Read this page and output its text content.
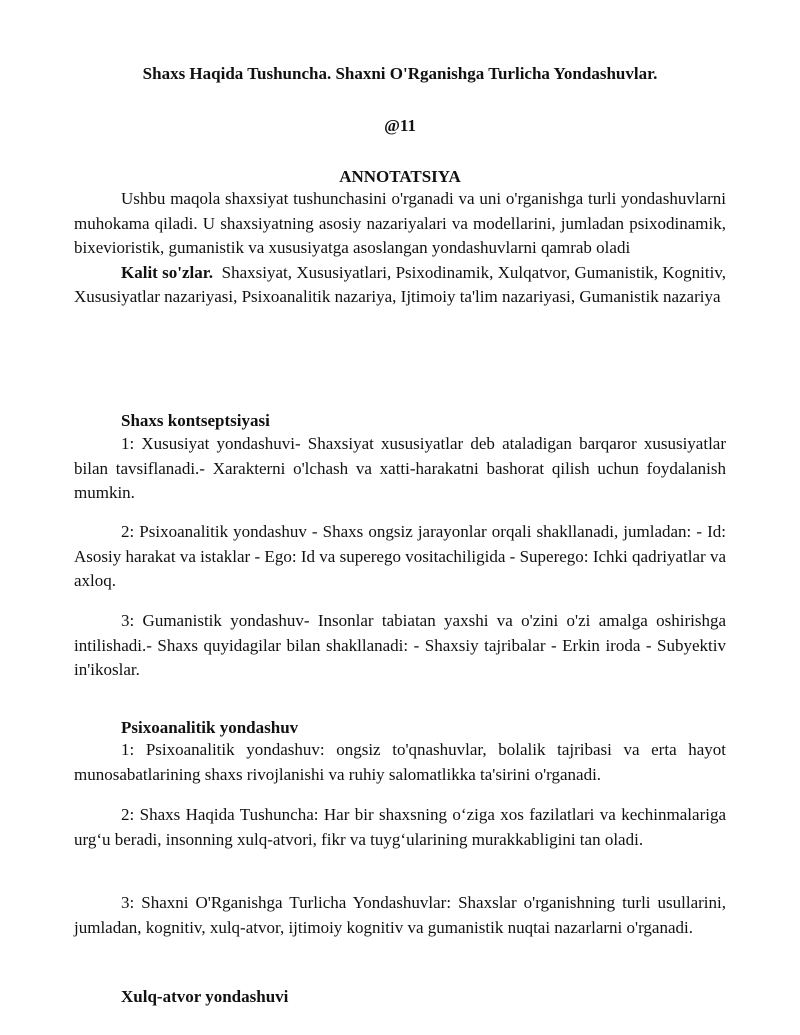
Shaxs Haqida Tushuncha. Shaxni O'Rganishga Turlicha Yondashuvlar.
@11
ANNOTATSIYA

Ushbu maqola shaxsiyat tushunchasini o'rganadi va uni o'rganishga turli yondashuvlarni muhokama qiladi. U shaxsiyatning asosiy nazariyalari va modellarini, jumladan psixodinamik, bixevioristik, gumanistik va xususiyatga asoslangan yondashuvlarni qamrab oladi

Kalit so'zlar. Shaxsiyat, Xususiyatlari, Psixodinamik, Xulqatvor, Gumanistik, Kognitiv, Xususiyatlar nazariyasi, Psixoanalitik nazariya, Ijtimoiy ta'lim nazariyasi, Gumanistik nazariya

Shaxs kontseptsiyasi

1: Xususiyat yondashuvi- Shaxsiyat xususiyatlar deb ataladigan barqaror xususiyatlar bilan tavsiflanadi.- Xarakterni o'lchash va xatti-harakatni bashorat qilish uchun foydalanish mumkin.

2: Psixoanalitik yondashuv - Shaxs ongsiz jarayonlar orqali shakllanadi, jumladan: - Id: Asosiy harakat va istaklar - Ego: Id va superego vositachiligida - Superego: Ichki qadriyatlar va axloq.

3: Gumanistik yondashuv- Insonlar tabiatan yaxshi va o'zini o'zi amalga oshirishga intilishadi.- Shaxs quyidagilar bilan shakllanadi: - Shaxsiy tajribalar - Erkin iroda - Subyektiv in'ikoslar.

Psixoanalitik yondashuv

1: Psixoanalitik yondashuv: ongsiz to'qnashuvlar, bolalik tajribasi va erta hayot munosabatlarining shaxs rivojlanishi va ruhiy salomatlikka ta'sirini o'rganadi.

2: Shaxs Haqida Tushuncha: Har bir shaxsning o‘ziga xos fazilatlari va kechinmalariga urg‘u beradi, insonning xulq-atvori, fikr va tuyg‘ularining murakkabligini tan oladi.

3: Shaxni O'Rganishga Turlicha Yondashuvlar: Shaxslar o'rganishning turli usullarini, jumladan, kognitiv, xulq-atvor, ijtimoiy kognitiv va gumanistik nuqtai nazarlarni o'rganadi.

Xulq-atvor yondashuvi
